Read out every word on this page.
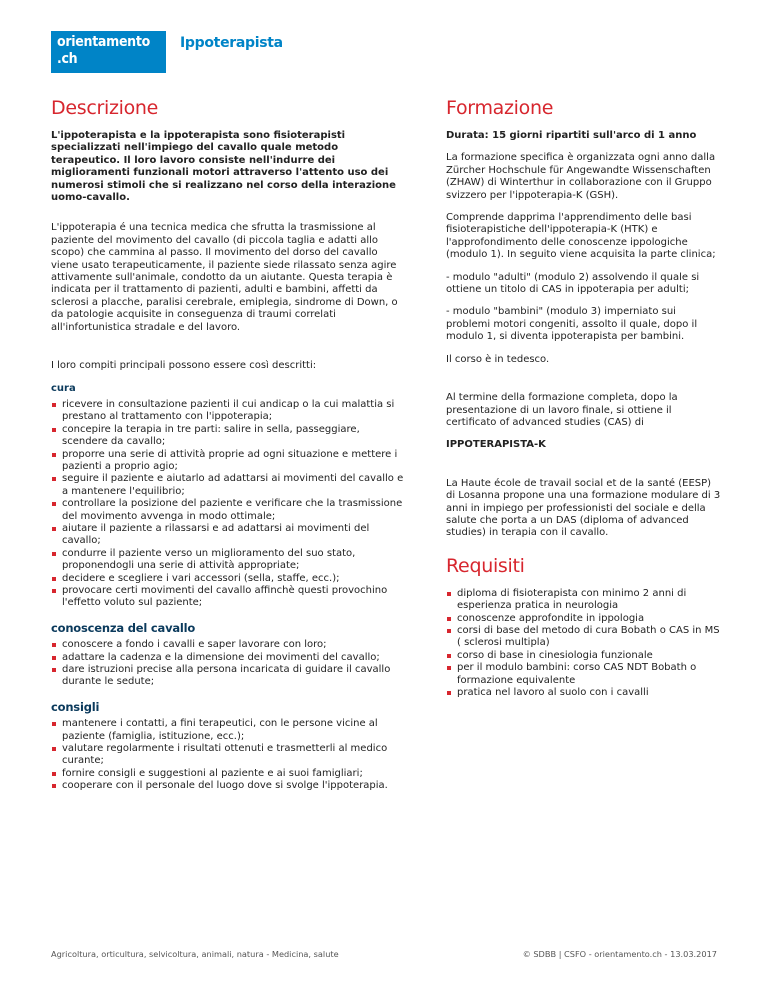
orientamento
.ch
Ippoterapista
Descrizione

L'ippoterapista e la ippoterapista sono fisioterapisti specializzati nell'impiego del cavallo quale metodo terapeutico. Il loro lavoro consiste nell'indurre dei miglioramenti funzionali motori attraverso l'attento uso dei numerosi stimoli che si realizzano nel corso della interazione uomo-cavallo.

L'ippoterapia é una tecnica medica che sfrutta la trasmissione al paziente del movimento del cavallo (di piccola taglia e adatti allo scopo) che cammina al passo. Il movimento del dorso del cavallo viene usato terapeuticamente, il paziente siede rilassato senza agire attivamente sull'animale, condotto da un aiutante. Questa terapia è indicata per il trattamento di pazienti, adulti e bambini, affetti da sclerosi a placche, paralisi cerebrale, emiplegia, sindrome di Down, o da patologie acquisite in conseguenza di traumi correlati all'infortunistica stradale e del lavoro.

I loro compiti principali possono essere così descritti:

cura
ricevere in consultazione pazienti il cui andicap o la cui malattia si prestano al trattamento con l'ippoterapia;
concepire la terapia in tre parti: salire in sella, passeggiare, scendere da cavallo;
proporre una serie di attività proprie ad ogni situazione e mettere i pazienti a proprio agio;
seguire il paziente e aiutarlo ad adattarsi ai movimenti del cavallo e a mantenere l'equilibrio;
controllare la posizione del paziente e verificare che la trasmissione del movimento avvenga in modo ottimale;
aiutare il paziente a rilassarsi e ad adattarsi ai movimenti del cavallo;
condurre il paziente verso un miglioramento del suo stato, proponendogli una serie di attività appropriate;
decidere e scegliere i vari accessori (sella, staffe, ecc.);
provocare certi movimenti del cavallo affinchè questi provochino l'effetto voluto sul paziente;
conoscenza del cavallo
conoscere a fondo i cavalli e saper lavorare con loro;
adattare la cadenza e la dimensione dei movimenti del cavallo;
dare istruzioni precise alla persona incaricata di guidare il cavallo durante le sedute;
consigli
mantenere i contatti, a fini terapeutici, con le persone vicine al paziente (famiglia, istituzione, ecc.);
valutare regolarmente i risultati ottenuti e trasmetterli al medico curante;
fornire consigli e suggestioni al paziente e ai suoi famigliari;
cooperare con il personale del luogo dove si svolge l'ippoterapia.
Formazione

Durata: 15 giorni ripartiti sull'arco di 1 anno

La formazione specifica è organizzata ogni anno dalla Zürcher Hochschule für Angewandte Wissenschaften (ZHAW) di Winterthur in collaborazione con il Gruppo svizzero per l'ippoterapia-K (GSH).

Comprende dapprima l'apprendimento delle basi fisioterapistiche dell'ippoterapia-K (HTK) e l'approfondimento delle conoscenze ippologiche (modulo 1). In seguito viene acquisita la parte clinica;

- modulo "adulti" (modulo 2) assolvendo il quale si ottiene un titolo di CAS in ippoterapia per adulti;

- modulo "bambini" (modulo 3) imperniato sui problemi motori congeniti, assolto il quale, dopo il modulo 1, si diventa ippoterapista per bambini.

Il corso è in tedesco.

Al termine della formazione completa, dopo la presentazione di un lavoro finale, si ottiene il certificato of advanced studies (CAS) di

IPPOTERAPISTA-K

La Haute école de travail social et de la santé (EESP) di Losanna propone una una formazione modulare di 3 anni in impiego per professionisti del sociale e della salute che porta a un DAS (diploma of advanced studies) in terapia con il cavallo.

Requisiti
diploma di fisioterapista con minimo 2 anni di esperienza pratica in neurologia
conoscenze approfondite in ippologia
corsi di base del metodo di cura Bobath o CAS in MS ( sclerosi multipla)
corso di base in cinesiologia funzionale
per il modulo bambini: corso CAS NDT Bobath o formazione equivalente
pratica nel lavoro al suolo con i cavalli
Agricoltura, orticultura, selvicoltura, animali, natura - Medicina, salute	© SDBB | CSFO - orientamento.ch - 13.03.2017
